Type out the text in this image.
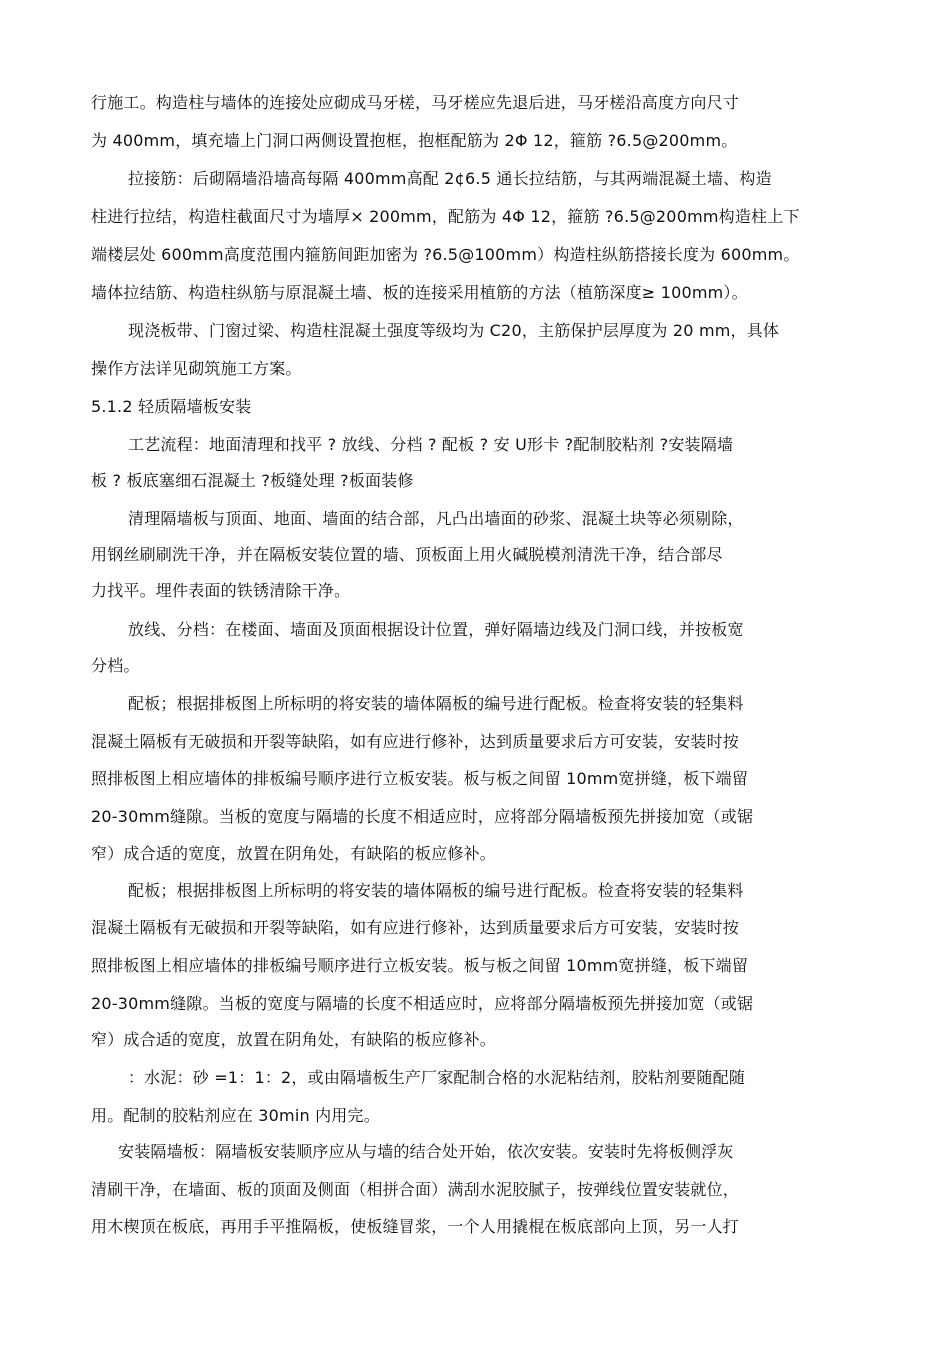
行施工。构造柱与墙体的连接处应砌成马牙槎，马牙槎应先退后进，马牙槎沿高度方向尺寸
为 400mm，填充墙上门洞口两侧设置抱框，抱框配筋为 2Φ 12，箍筋 ?6.5@200mm。
拉接筋：后砌隔墙沿墙高每隔 400mm高配 2¢6.5 通长拉结筋，与其两端混凝土墙、构造
柱进行拉结，构造柱截面尺寸为墙厚× 200mm，配筋为 4Φ 12，箍筋 ?6.5@200mm构造柱上下
端楼层处 600mm高度范围内箍筋间距加密为 ?6.5@100mm）构造柱纵筋搭接长度为 600mm。
墙体拉结筋、构造柱纵筋与原混凝土墙、板的连接采用植筋的方法（植筋深度≥ 100mm）。
现浇板带、门窗过梁、构造柱混凝土强度等级均为 C20，主筋保护层厚度为 20 mm，具体
操作方法详见砌筑施工方案。
5.1.2 轻质隔墙板安装
工艺流程：地面清理和找平 ? 放线、分档 ? 配板 ? 安 U形卡 ?配制胶粘剂 ?安装隔墙
板 ? 板底塞细石混凝土 ?板缝处理 ?板面装修
清理隔墙板与顶面、地面、墙面的结合部，凡凸出墙面的砂浆、混凝土块等必须剔除，
用钢丝刷刷洗干净，并在隔板安装位置的墙、顶板面上用火碱脱模剂清洗干净，结合部尽
力找平。埋件表面的铁锈清除干净。
放线、分档：在楼面、墙面及顶面根据设计位置，弹好隔墙边线及门洞口线，并按板宽
分档。
配板；根据排板图上所标明的将安装的墙体隔板的编号进行配板。检查将安装的轻集料
混凝土隔板有无破损和开裂等缺陷，如有应进行修补，达到质量要求后方可安装，安装时按
照排板图上相应墙体的排板编号顺序进行立板安装。板与板之间留 10mm宽拼缝，板下端留
20-30mm缝隙。当板的宽度与隔墙的长度不相适应时，应将部分隔墙板预先拼接加宽（或锯
窄）成合适的宽度，放置在阴角处，有缺陷的板应修补。
配板；根据排板图上所标明的将安装的墙体隔板的编号进行配板。检查将安装的轻集料
混凝土隔板有无破损和开裂等缺陷，如有应进行修补，达到质量要求后方可安装，安装时按
照排板图上相应墙体的排板编号顺序进行立板安装。板与板之间留 10mm宽拼缝，板下端留
20-30mm缝隙。当板的宽度与隔墙的长度不相适应时，应将部分隔墙板预先拼接加宽（或锯
窄）成合适的宽度，放置在阴角处，有缺陷的板应修补。
：水泥：砂 =1：1：2，或由隔墙板生产厂家配制合格的水泥粘结剂，胶粘剂要随配随
用。配制的胶粘剂应在 30min 内用完。
安装隔墙板：隔墙板安装顺序应从与墙的结合处开始，依次安装。安装时先将板侧浮灰
清刷干净，在墙面、板的顶面及侧面（相拼合面）满刮水泥胶腻子，按弹线位置安装就位，
用木楔顶在板底，再用手平推隔板，使板缝冒浆，一个人用撬棍在板底部向上顶，另一人打
